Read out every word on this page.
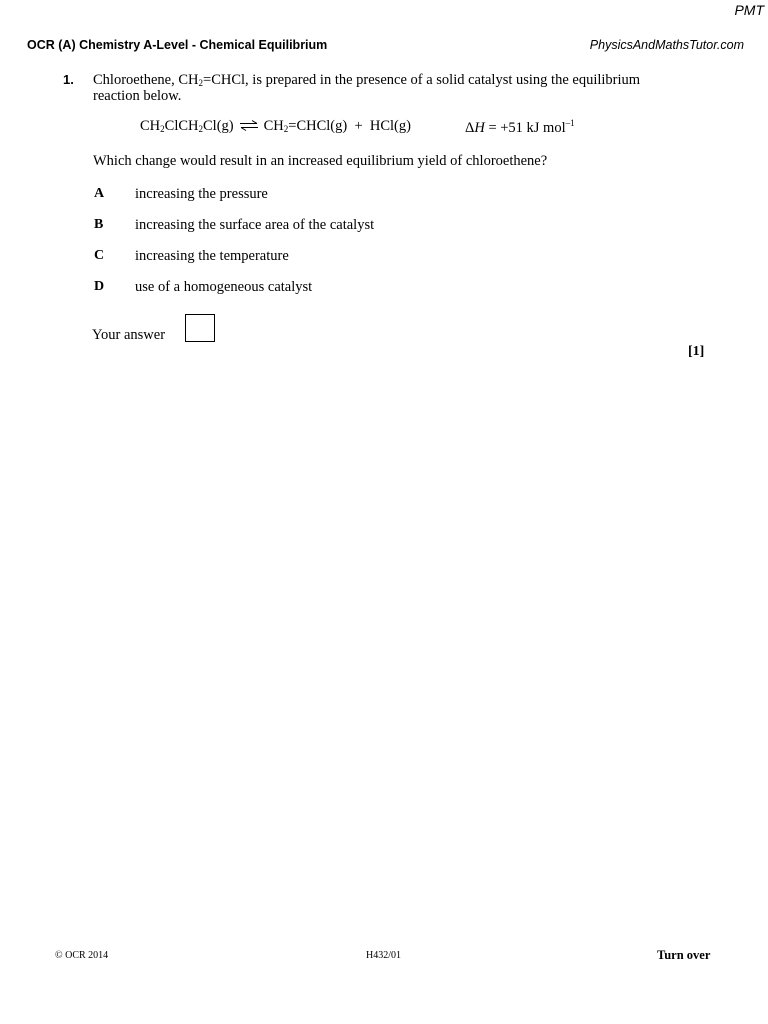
PMT
OCR (A) Chemistry A-Level - Chemical Equilibrium	PhysicsAndMathsTutor.com
1. Chloroethene, $CH_2=CHCl$, is prepared in the presence of a solid catalyst using the equilibrium
reaction below.
$CH_2ClCH_2Cl(g)$ ⇌ $CH_2=CHCl(g) + HCl(g)$	ΔH = +51 kJ mol$^{-1}$
Which change would result in an increased equilibrium yield of chloroethene?
A increasing the pressure
B increasing the surface area of the catalyst
C increasing the temperature
D use of a homogeneous catalyst
Your answer
[1]
© OCR 2014	H432/01	Turn over
